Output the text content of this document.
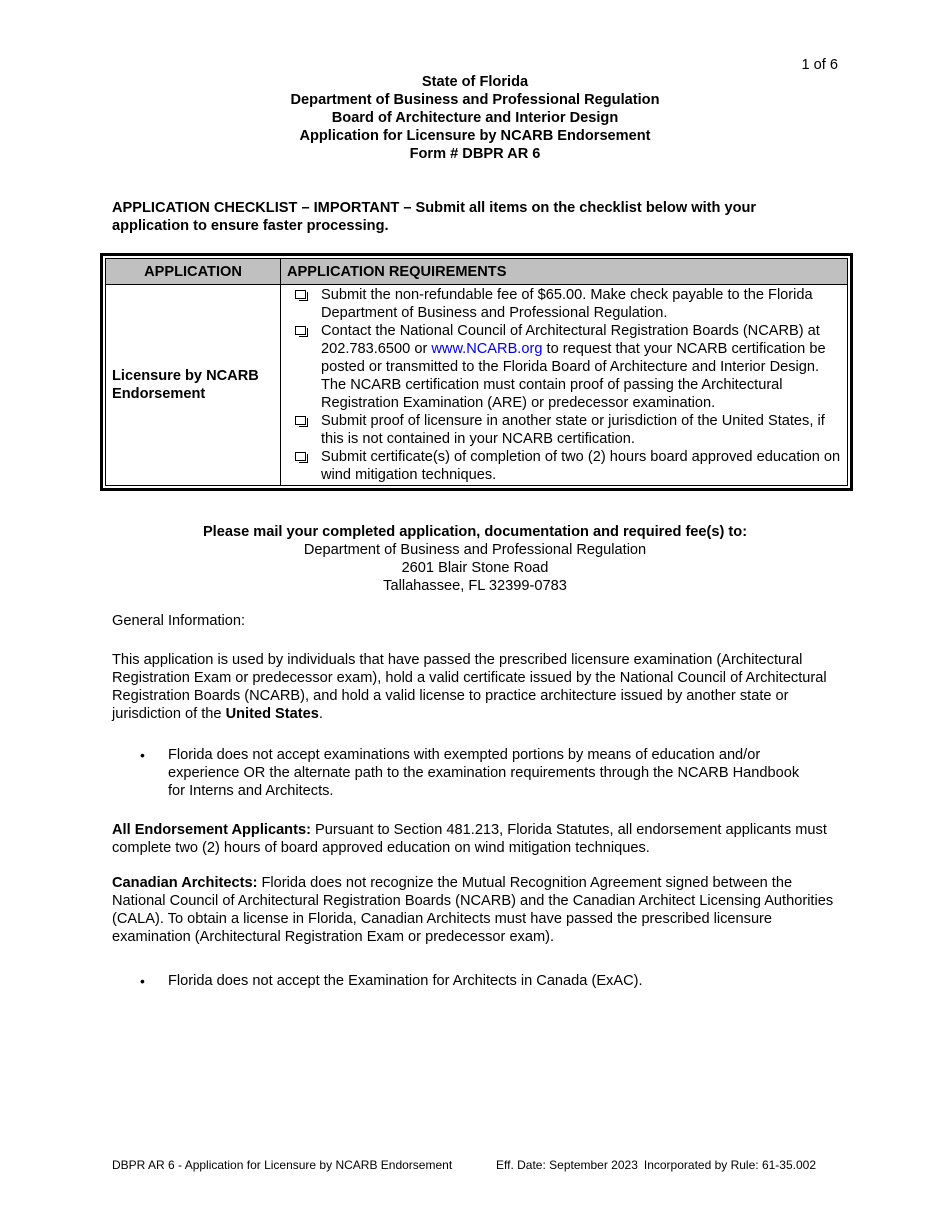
1 of 6
State of Florida
Department of Business and Professional Regulation
Board of Architecture and Interior Design
Application for Licensure by NCARB Endorsement
Form # DBPR AR 6
APPLICATION CHECKLIST – IMPORTANT – Submit all items on the checklist below with your application to ensure faster processing.
APPLICATION	APPLICATION REQUIREMENTS
Licensure by NCARB Endorsement	Submit the non-refundable fee of $65.00. Make check payable to the Florida Department of Business and Professional Regulation.
Contact the National Council of Architectural Registration Boards (NCARB) at 202.783.6500 or www.NCARB.org to request that your NCARB certification be posted or transmitted to the Florida Board of Architecture and Interior Design. The NCARB certification must contain proof of passing the Architectural Registration Examination (ARE) or predecessor examination.
Submit proof of licensure in another state or jurisdiction of the United States, if this is not contained in your NCARB certification.
Submit certificate(s) of completion of two (2) hours board approved education on wind mitigation techniques.
Please mail your completed application, documentation and required fee(s) to:
Department of Business and Professional Regulation
2601 Blair Stone Road
Tallahassee, FL 32399-0783
General Information:
This application is used by individuals that have passed the prescribed licensure examination (Architectural Registration Exam or predecessor exam), hold a valid certificate issued by the National Council of Architectural Registration Boards (NCARB), and hold a valid license to practice architecture issued by another state or jurisdiction of the United States.
•	Florida does not accept examinations with exempted portions by means of education and/or experience OR the alternate path to the examination requirements through the NCARB Handbook for Interns and Architects.
All Endorsement Applicants: Pursuant to Section 481.213, Florida Statutes, all endorsement applicants must complete two (2) hours of board approved education on wind mitigation techniques.
Canadian Architects: Florida does not recognize the Mutual Recognition Agreement signed between the National Council of Architectural Registration Boards (NCARB) and the Canadian Architect Licensing Authorities (CALA). To obtain a license in Florida, Canadian Architects must have passed the prescribed licensure examination (Architectural Registration Exam or predecessor exam).
•	Florida does not accept the Examination for Architects in Canada (ExAC).
DBPR AR 6 - Application for Licensure by NCARB Endorsement	Eff. Date: September 2023 Incorporated by Rule: 61-35.002
